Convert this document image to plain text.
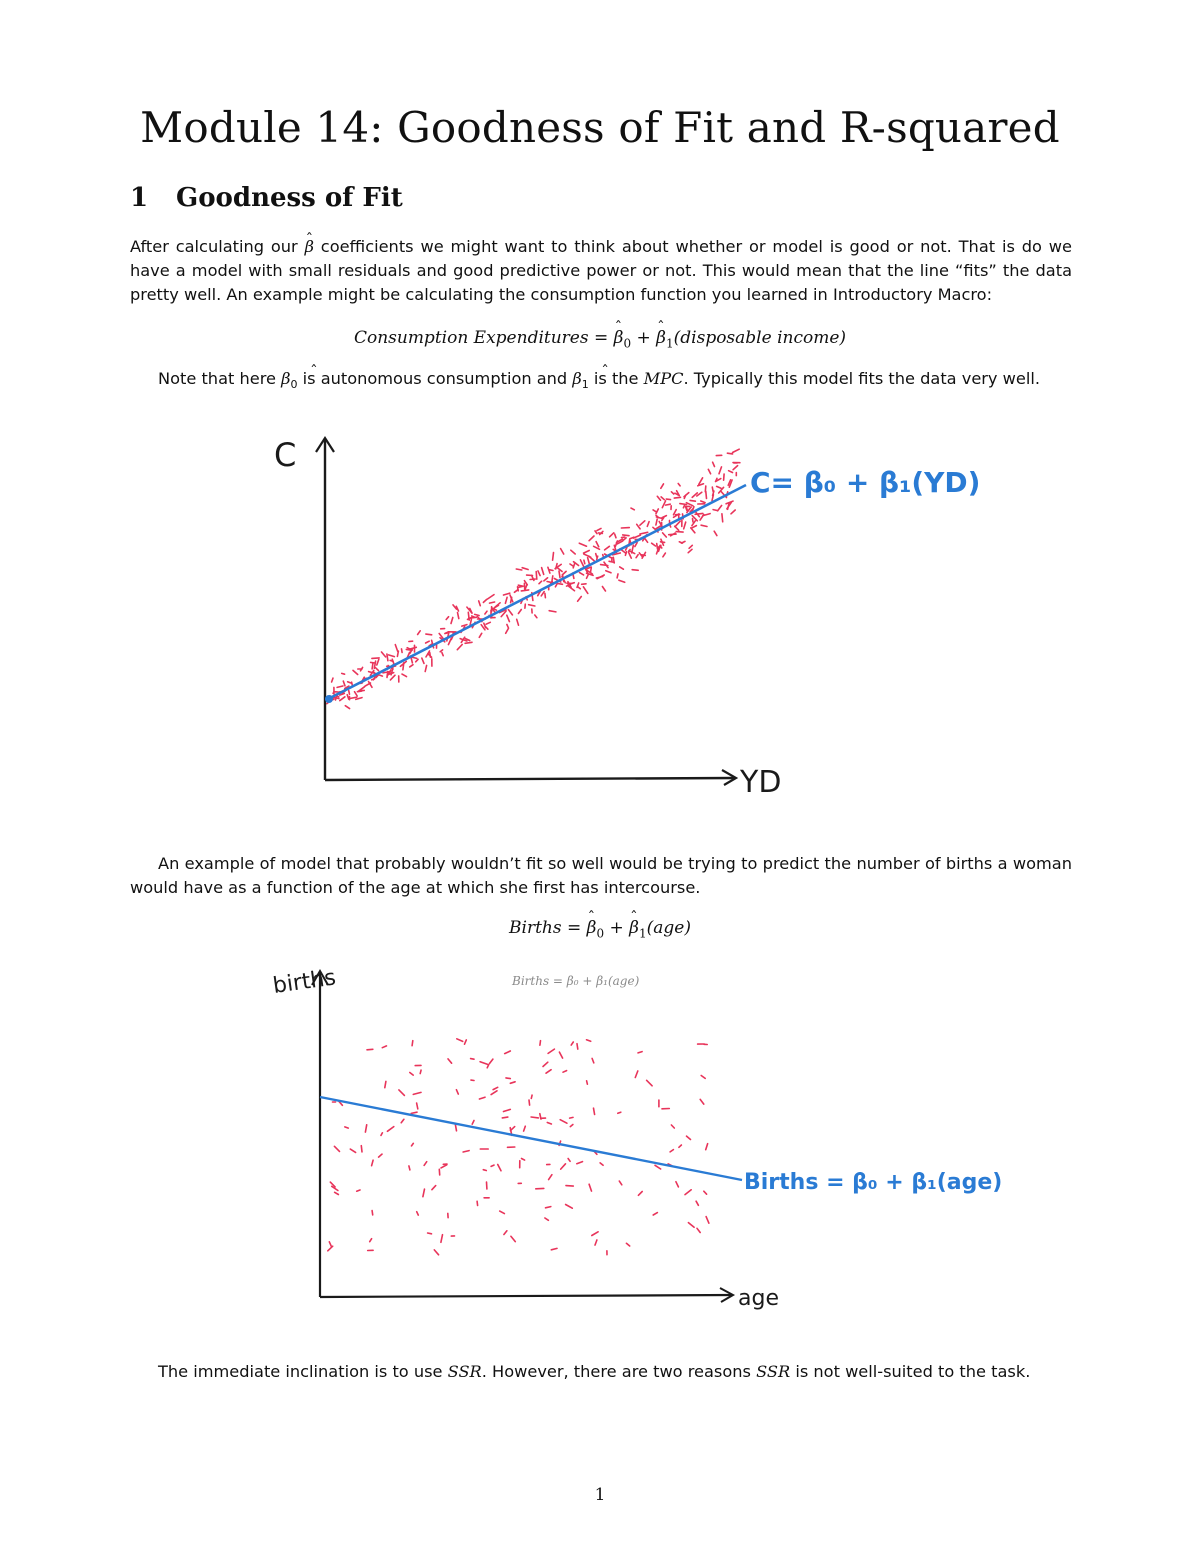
Module 14: Goodness of Fit and R-squared
1 Goodness of Fit
After calculating our ˆ β coefficients we might want to think about whether or model is good or not. That is do we have a model with small residuals and good predictive power or not. This would mean that the line “fits” the data pretty well. An example might be calculating the consumption function you learned in Introductory Macro:
Consumption Expenditures = ˆ $\beta_0$ + ˆ $\beta_1(disposable$ income)
Note that here ˆ $\beta_0$ is autonomous consumption and ˆ $\beta_1$ is the MPC. Typically this model fits the data very well.
C
YD
C= β₀ + β₁(YD)
An example of model that probably wouldn’t fit so well would be trying to predict the number of births a woman would have as a function of the age at which she first has intercourse.
Births = ˆ $\beta_0$ + ˆ $\beta_1(age)$
births
age
Births = β₀ + β₁(age)
Births = β₀ + β₁(age)
The immediate inclination is to use SSR. However, there are two reasons SSR is not well-suited to the task.
1
